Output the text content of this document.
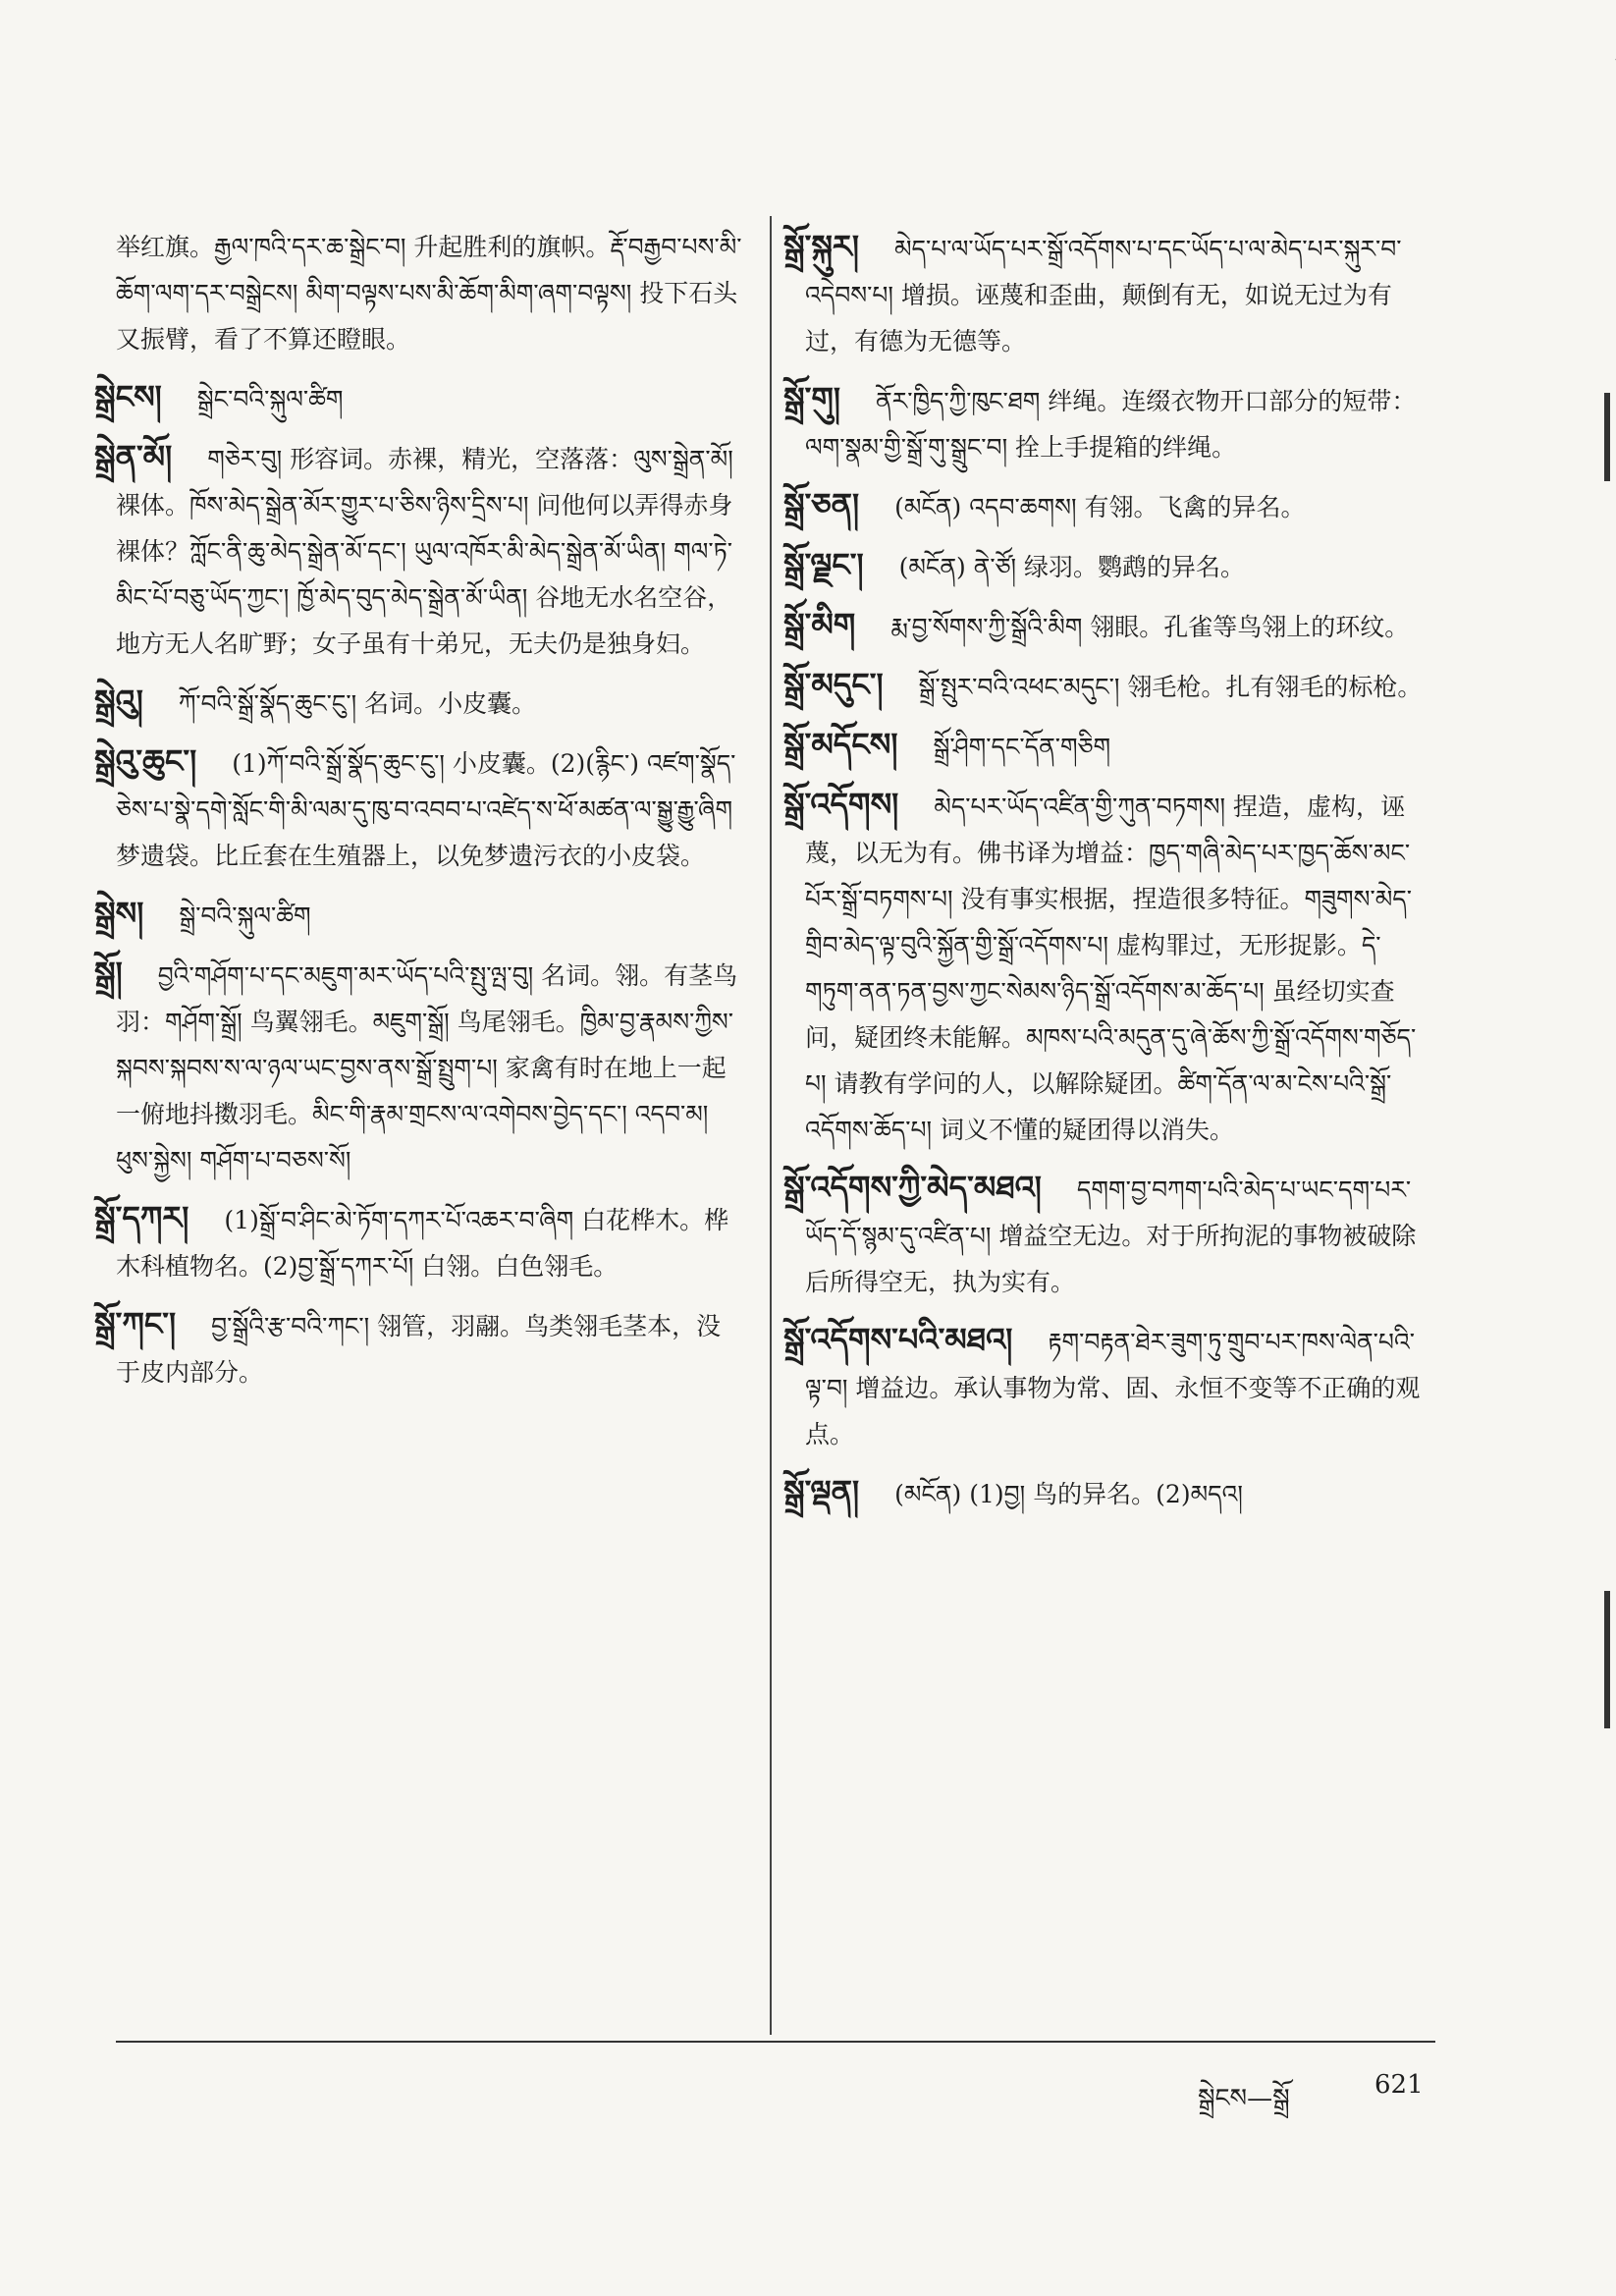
举红旗。རྒྱལ་ཁའི་དར་ཆ་སྒྲེང་བ། 升起胜利的旗帜。རྡོ་བརྒྱབ་པས་མི་ཆོག་ལག་དར་བསྒྲེངས། མིག་བལྟས་པས་མི་ཆོག་མིག་ཞག་བལྟས། 投下石头又振臂，看了不算还瞪眼。
སྒྲེངས། སྒྲེང་བའི་སྐུལ་ཚིག
སྒྲེན་མོ། གཅེར་བུ། 形容词。赤裸，精光，空落落：ལུས་སྒྲེན་མོ། 裸体。ཁོས་མེད་སྒྲེན་མོར་གྱུར་པ་ཅིས་ཉིས་དྲིས་པ། 问他何以弄得赤身裸体？ཀློང་ནི་ཆུ་མེད་སྒྲེན་མོ་དང་། ཡུལ་འཁོར་མི་མེད་སྒྲེན་མོ་ཡིན། གལ་ཏེ་མིང་པོ་བཅུ་ཡོད་ཀྱང་། ཁྱོ་མེད་བུད་མེད་སྒྲེན་མོ་ཡིན། 谷地无水名空谷，地方无人名旷野；女子虽有十弟兄，无夫仍是独身妇。
སྒྲེའུ། ཀོ་བའི་སྒྲོ་སྣོད་ཆུང་ངུ་། 名词。小皮囊。
སྒྲེའུ་ཆུང་། (1)ཀོ་བའི་སྒྲོ་སྣོད་ཆུང་ངུ་། 小皮囊。(2)(རྙིང་) འཛག་སྣོད་ཅེས་པ་སྣེ་དགེ་སློང་གི་མི་ལམ་དུ་ཁུ་བ་འབབ་པ་འཛེད་ས་ཕོ་མཚན་ལ་སྒྱུ་རྒྱུ་ཞིག 梦遗袋。比丘套在生殖器上，以免梦遗污衣的小皮袋。
སྒྲེས། སྒྲེ་བའི་སྐུལ་ཚིག
སྒྲོ། བྱའི་གཤོག་པ་དང་མཇུག་མར་ཡོད་པའི་སྤུ་ལྤ་བུ། 名词。翎。有茎鸟羽：གཤོག་སྒྲོ། 鸟翼翎毛。མཇུག་སྒྲོ། 鸟尾翎毛。ཁྱིམ་བྱ་རྣམས་ཀྱིས་སྐབས་སྐབས་ས་ལ་ཉལ་ཡང་བྱས་ནས་སྒྲོ་སྤྲུག་པ། 家禽有时在地上一起一俯地抖擞羽毛。མིང་གི་རྣམ་གྲངས་ལ་འགེབས་བྱེད་དང་། འདབ་མ། ཕུས་སྐྱེས། གཤོག་པ་བཅས་སོ།
སྒྲོ་དཀར། (1)སྒྲོ་བ་ཤིང་མེ་ཏོག་དཀར་པོ་འཆར་བ་ཞིག 白花桦木。桦木科植物名。(2)བྱ་སྒྲོ་དཀར་པོ། 白翎。白色翎毛。
སྒྲོ་ཀང་། བྱ་སྒྲོའི་རྩ་བའི་ཀང་། 翎管，羽翮。鸟类翎毛茎本，没于皮内部分。
སྒྲོ་སྐུར། མེད་པ་ལ་ཡོད་པར་སྒྲོ་འདོགས་པ་དང་ཡོད་པ་ལ་མེད་པར་སྐུར་བ་འདེབས་པ། 增损。诬蔑和歪曲，颠倒有无，如说无过为有过，有德为无德等。
སྒྲོ་གུ། ནོར་ཁྱིད་ཀྱི་ཁུང་ཐག 绊绳。连缀衣物开口部分的短带：ལག་སྣམ་གྱི་སྒྲོ་གུ་སྒྲུང་བ། 拴上手提箱的绊绳。
སྒྲོ་ཅན། (མངོན) འདབ་ཆགས། 有翎。飞禽的异名。
སྒྲོ་ལྗང་། (མངོན) ནེ་ཙོ། 绿羽。鹦鹉的异名。
སྒྲོ་མིག རྨ་བྱ་སོགས་ཀྱི་སྒྲོའི་མིག 翎眼。孔雀等鸟翎上的环纹。
སྒྲོ་མདུང་། སྒྲོ་སྤུར་བའི་འཕང་མདུང་། 翎毛枪。扎有翎毛的标枪。
སྒྲོ་མདོངས། སྒྲོ་ཤིག་དང་དོན་གཅིག
སྒྲོ་འདོགས། མེད་པར་ཡོད་འཛིན་གྱི་ཀུན་བཏགས། 捏造，虚构，诬蔑，以无为有。佛书译为增益：ཁྱད་གཞི་མེད་པར་ཁྱད་ཆོས་མང་པོར་སྒྲོ་བཏགས་པ། 没有事实根据，捏造很多特征。གཟུགས་མེད་གྲིབ་མེད་ལྟ་བུའི་སྐྱོན་གྱི་སྒྲོ་འདོགས་པ། 虚构罪过，无形捉影。དེ་གཏུག་ནན་ཏན་བྱས་ཀྱང་སེམས་ཉིད་སྒྲོ་འདོགས་མ་ཆོད་པ། 虽经切实查问，疑团终未能解。མཁས་པའི་མདུན་དུ་ཞེ་ཆོས་ཀྱི་སྒྲོ་འདོགས་གཅོད་པ། 请教有学问的人，以解除疑团。ཚིག་དོན་ལ་མ་ངེས་པའི་སྒྲོ་འདོགས་ཆོད་པ། 词义不懂的疑团得以消失。
སྒྲོ་འདོགས་ཀྱི་མེད་མཐའ། དགག་བྱ་བཀག་པའི་མེད་པ་ཡང་དག་པར་ཡོད་དོ་སྙམ་དུ་འཛིན་པ། 增益空无边。对于所拘泥的事物被破除后所得空无，执为实有。
སྒྲོ་འདོགས་པའི་མཐའ། རྟག་བརྟན་ཐེར་ཟུག་ཏུ་གྲུབ་པར་ཁས་ལེན་པའི་ལྟ་བ། 增益边。承认事物为常、固、永恒不变等不正确的观点。
སྒྲོ་ལྡན། (མངོན) (1)བྱ། 鸟的异名。(2)མདའ།
སྒྲེངས—སྒྲོ	621
